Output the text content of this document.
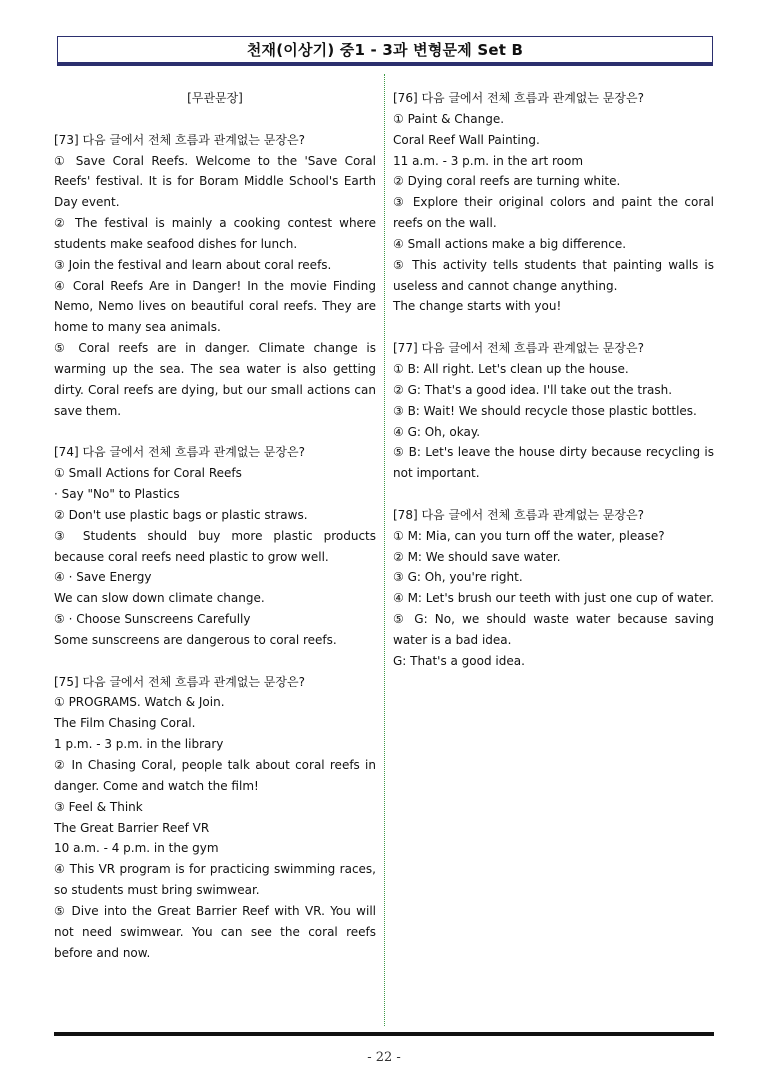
천재(이상기) 중1 - 3과 변형문제 Set B

[무관문장]

[73] 다음 글에서 전체 흐름과 관계없는 문장은?

① Save Coral Reefs. Welcome to the 'Save Coral Reefs' festival. It is for Boram Middle School's Earth Day event.

② The festival is mainly a cooking contest where students make seafood dishes for lunch.

③ Join the festival and learn about coral reefs.

④ Coral Reefs Are in Danger! In the movie Finding Nemo, Nemo lives on beautiful coral reefs. They are home to many sea animals.

⑤ Coral reefs are in danger. Climate change is warming up the sea. The sea water is also getting dirty. Coral reefs are dying, but our small actions can save them.

[74] 다음 글에서 전체 흐름과 관계없는 문장은?

① Small Actions for Coral Reefs

· Say "No" to Plastics

② Don't use plastic bags or plastic straws.

③ Students should buy more plastic products because coral reefs need plastic to grow well.

④ · Save Energy

We can slow down climate change.

⑤ · Choose Sunscreens Carefully

Some sunscreens are dangerous to coral reefs.

[75] 다음 글에서 전체 흐름과 관계없는 문장은?

① PROGRAMS. Watch & Join.

The Film Chasing Coral.

1 p.m. - 3 p.m. in the library

② In Chasing Coral, people talk about coral reefs in danger. Come and watch the film!

③ Feel & Think

The Great Barrier Reef VR

10 a.m. - 4 p.m. in the gym

④ This VR program is for practicing swimming races, so students must bring swimwear.

⑤ Dive into the Great Barrier Reef with VR. You will not need swimwear. You can see the coral reefs before and now.

[76] 다음 글에서 전체 흐름과 관계없는 문장은?

① Paint & Change.

Coral Reef Wall Painting.

11 a.m. - 3 p.m. in the art room

② Dying coral reefs are turning white.

③ Explore their original colors and paint the coral reefs on the wall.

④ Small actions make a big difference.

⑤ This activity tells students that painting walls is useless and cannot change anything.

The change starts with you!

[77] 다음 글에서 전체 흐름과 관계없는 문장은?

① B: All right. Let's clean up the house.

② G: That's a good idea. I'll take out the trash.

③ B: Wait! We should recycle those plastic bottles.

④ G: Oh, okay.

⑤ B: Let's leave the house dirty because recycling is not important.

[78] 다음 글에서 전체 흐름과 관계없는 문장은?

① M: Mia, can you turn off the water, please?

② M: We should save water.

③ G: Oh, you're right.

④ M: Let's brush our teeth with just one cup of water.

⑤ G: No, we should waste water because saving water is a bad idea.

G: That's a good idea.

- 22 -
